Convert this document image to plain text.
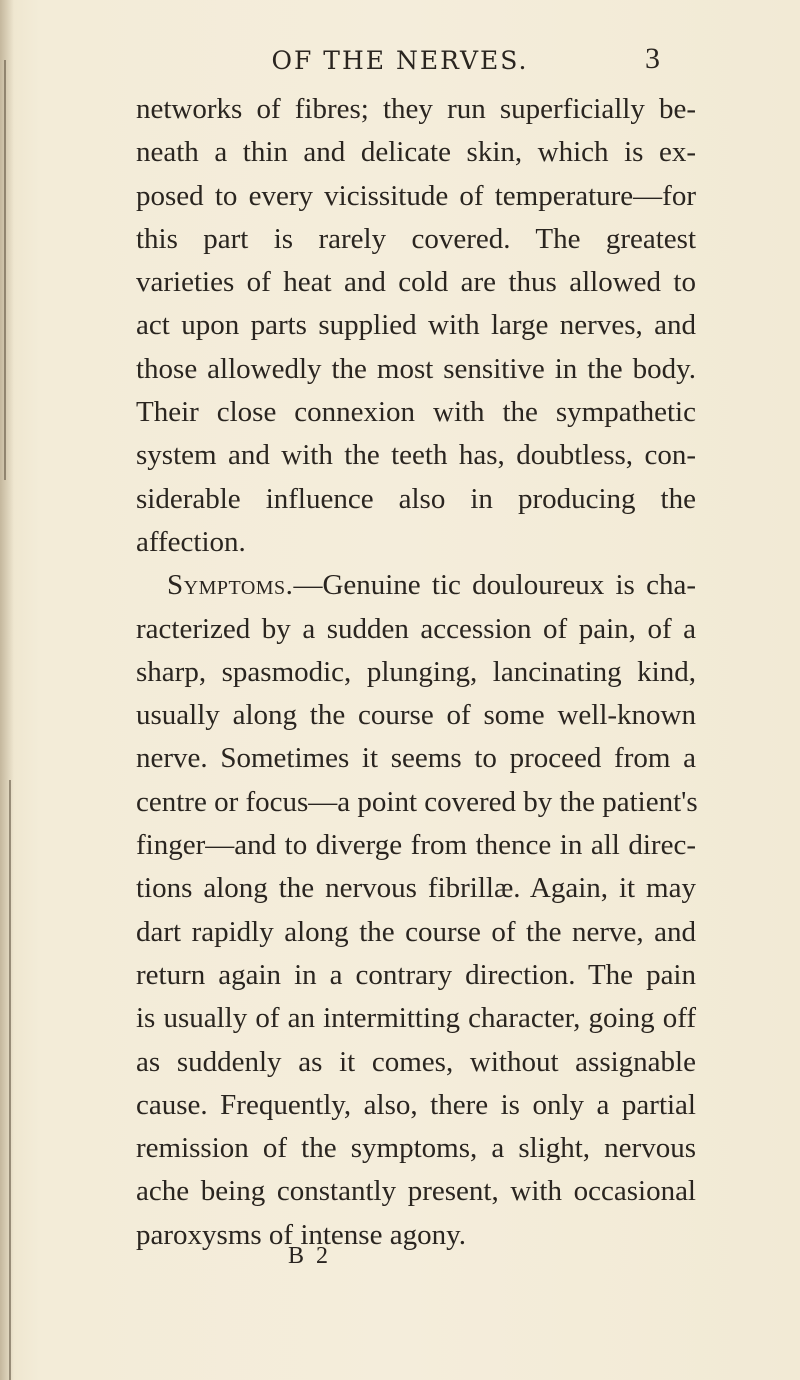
OF THE NERVES.	3
networks of fibres; they run superficially be-
neath a thin and delicate skin, which is ex-
posed to every vicissitude of temperature—for
this part is rarely covered. The greatest
varieties of heat and cold are thus allowed to
act upon parts supplied with large nerves, and
those allowedly the most sensitive in the body.
Their close connexion with the sympathetic
system and with the teeth has, doubtless, con-
siderable influence also in producing the
affection.
Symptoms.—Genuine tic douloureux is cha-
racterized by a sudden accession of pain, of a
sharp, spasmodic, plunging, lancinating kind,
usually along the course of some well-known
nerve. Sometimes it seems to proceed from a
centre or focus—a point covered by the patient's
finger—and to diverge from thence in all direc-
tions along the nervous fibrillæ. Again, it may
dart rapidly along the course of the nerve, and
return again in a contrary direction. The pain
is usually of an intermitting character, going off
as suddenly as it comes, without assignable
cause. Frequently, also, there is only a partial
remission of the symptoms, a slight, nervous
ache being constantly present, with occasional
paroxysms of intense agony.
B 2
